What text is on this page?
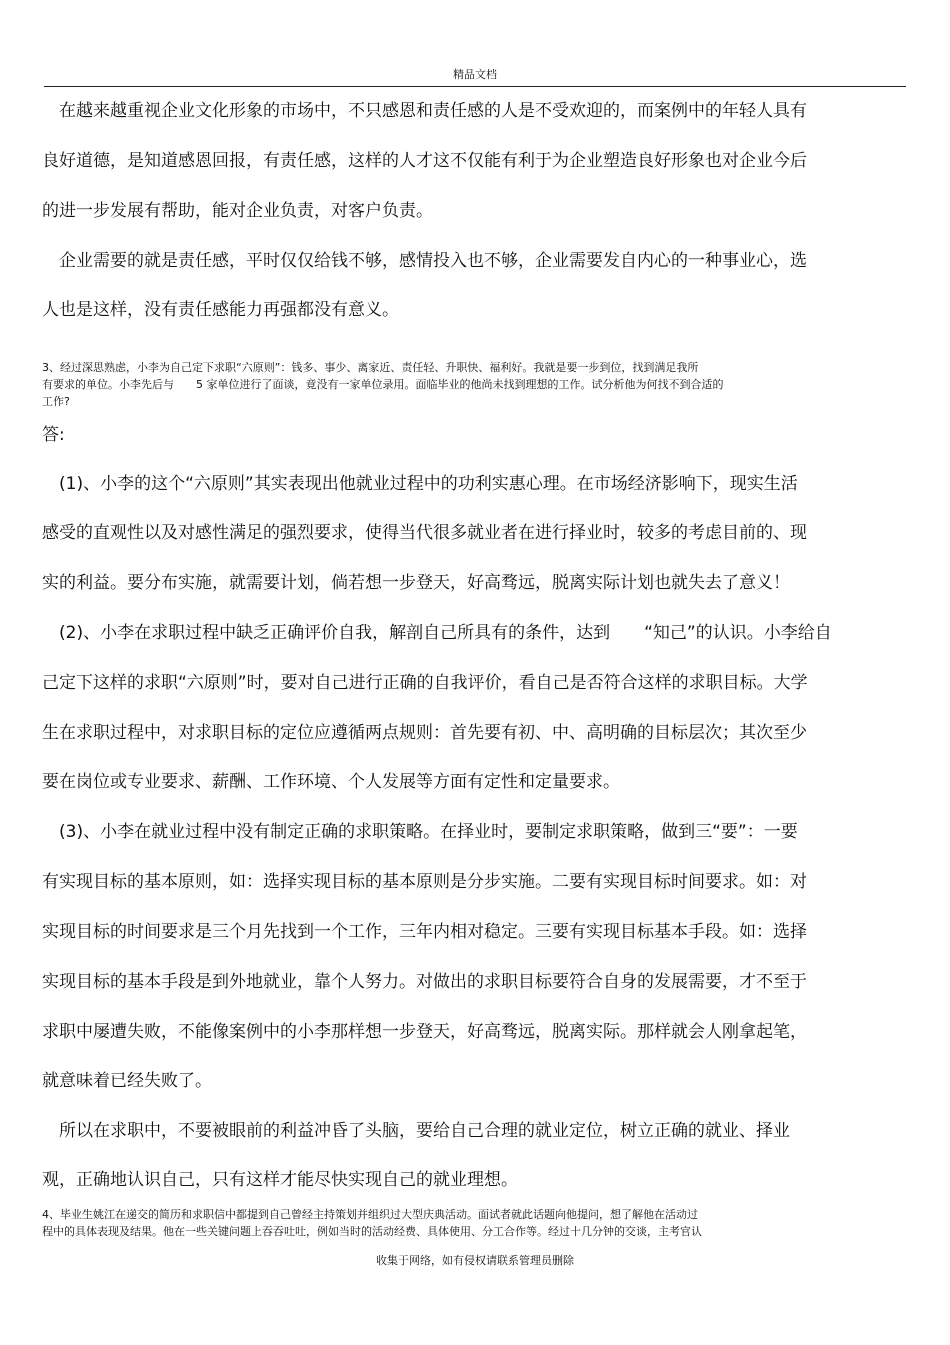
精品文档
　在越来越重视企业文化形象的市场中，不只感恩和责任感的人是不受欢迎的，而案例中的年轻人具有
良好道德，是知道感恩回报，有责任感，这样的人才这不仅能有利于为企业塑造良好形象也对企业今后
的进一步发展有帮助，能对企业负责，对客户负责。
　企业需要的就是责任感，平时仅仅给钱不够，感情投入也不够，企业需要发自内心的一种事业心，选
人也是这样，没有责任感能力再强都没有意义。
3、经过深思熟虑，小李为自己定下求职“六原则”：钱多、事少、离家近、责任轻、升职快、福利好。我就是要一步到位，找到满足我所
有要求的单位。小李先后与　　5 家单位进行了面谈，竟没有一家单位录用。面临毕业的他尚未找到理想的工作。试分析他为何找不到合适的
工作?
答:
　(1)、小李的这个“六原则”其实表现出他就业过程中的功利实惠心理。在市场经济影响下，现实生活
感受的直观性以及对感性满足的强烈要求，使得当代很多就业者在进行择业时，较多的考虑目前的、现
实的利益。要分布实施，就需要计划，倘若想一步登天，好高骛远，脱离实际计划也就失去了意义！
　(2)、小李在求职过程中缺乏正确评价自我，解剖自己所具有的条件，达到　　“知己”的认识。小李给自
己定下这样的求职“六原则”时，要对自己进行正确的自我评价，看自己是否符合这样的求职目标。大学
生在求职过程中，对求职目标的定位应遵循两点规则：首先要有初、中、高明确的目标层次；其次至少
要在岗位或专业要求、薪酬、工作环境、个人发展等方面有定性和定量要求。
　(3)、小李在就业过程中没有制定正确的求职策略。在择业时，要制定求职策略，做到三“要”：一要
有实现目标的基本原则，如：选择实现目标的基本原则是分步实施。二要有实现目标时间要求。如：对
实现目标的时间要求是三个月先找到一个工作，三年内相对稳定。三要有实现目标基本手段。如：选择
实现目标的基本手段是到外地就业，靠个人努力。对做出的求职目标要符合自身的发展需要，才不至于
求职中屡遭失败，不能像案例中的小李那样想一步登天，好高骛远，脱离实际。那样就会人刚拿起笔，
就意味着已经失败了。
　所以在求职中，不要被眼前的利益冲昏了头脑，要给自己合理的就业定位，树立正确的就业、择业
观，正确地认识自己，只有这样才能尽快实现自己的就业理想。
4、毕业生姚江在递交的简历和求职信中都提到自己曾经主持策划并组织过大型庆典活动。面试者就此话题向他提问，想了解他在活动过
程中的具体表现及结果。他在一些关键问题上吞吞吐吐，例如当时的活动经费、具体使用、分工合作等。经过十几分钟的交谈，主考官认
收集于网络，如有侵权请联系管理员删除
